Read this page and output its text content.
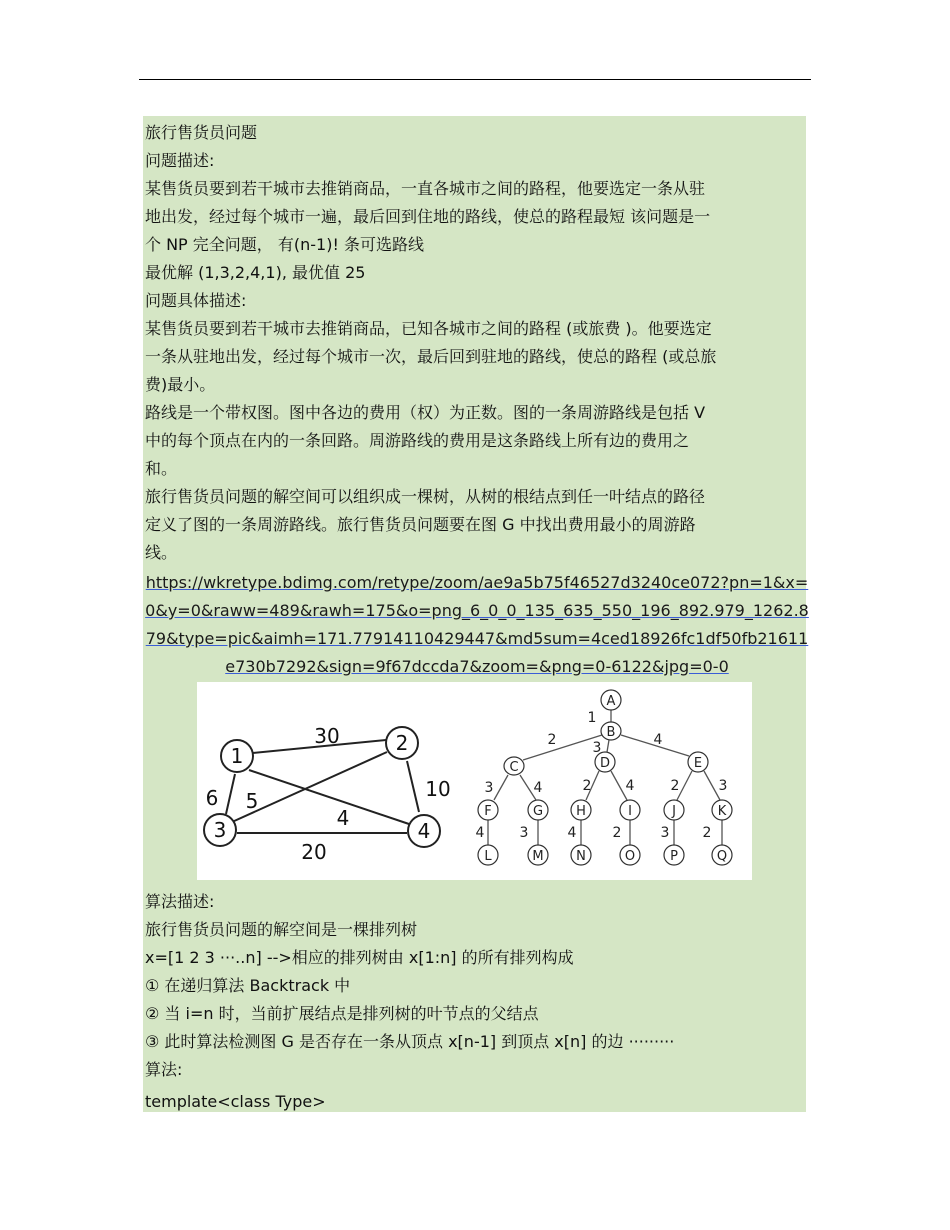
旅行售货员问题
问题描述:
某售货员要到若干城市去推销商品，一直各城市之间的路程，他要选定一条从驻
地出发，经过每个城市一遍，最后回到住地的路线，使总的路程最短 该问题是一
个 NP 完全问题， 有(n-1)! 条可选路线
最优解 (1,3,2,4,1), 最优值 25
问题具体描述:
某售货员要到若干城市去推销商品，已知各城市之间的路程 (或旅费 )。他要选定
一条从驻地出发，经过每个城市一次，最后回到驻地的路线，使总的路程 (或总旅
费)最小。
路线是一个带权图。图中各边的费用（权）为正数。图的一条周游路线是包括 V
中的每个顶点在内的一条回路。周游路线的费用是这条路线上所有边的费用之
和。
旅行售货员问题的解空间可以组织成一棵树，从树的根结点到任一叶结点的路径
定义了图的一条周游路线。旅行售货员问题要在图 G 中找出费用最小的周游路
线。
https://wkretype.bdimg.com/retype/zoom/ae9a5b75f46527d3240ce072?pn=1&x=0&y=0&raww=489&rawh=175&o=png_6_0_0_135_635_550_196_892.979_1262.879&type=pic&aimh=171.77914110429447&md5sum=4ced18926fc1df50fb21611e730b7292&sign=9f67dccda7&zoom=&png=0-6122&jpg=0-0
1
2
3	4
30
6 5
4
10
20
A
B
C	D	E
F	G	H	I	J	K
L	M	N	O	P	Q
1
2	3	4
3	4	2 4	2	3
4	3	4	2	3 2
算法描述:
旅行售货员问题的解空间是一棵排列树
x=[1 2 3 ···..n] -->相应的排列树由 x[1:n] 的所有排列构成
① 在递归算法 Backtrack 中
② 当 i=n 时，当前扩展结点是排列树的叶节点的父结点
③ 此时算法检测图 G 是否存在一条从顶点 x[n-1] 到顶点 x[n] 的边 ·········
算法:
template<class Type>
